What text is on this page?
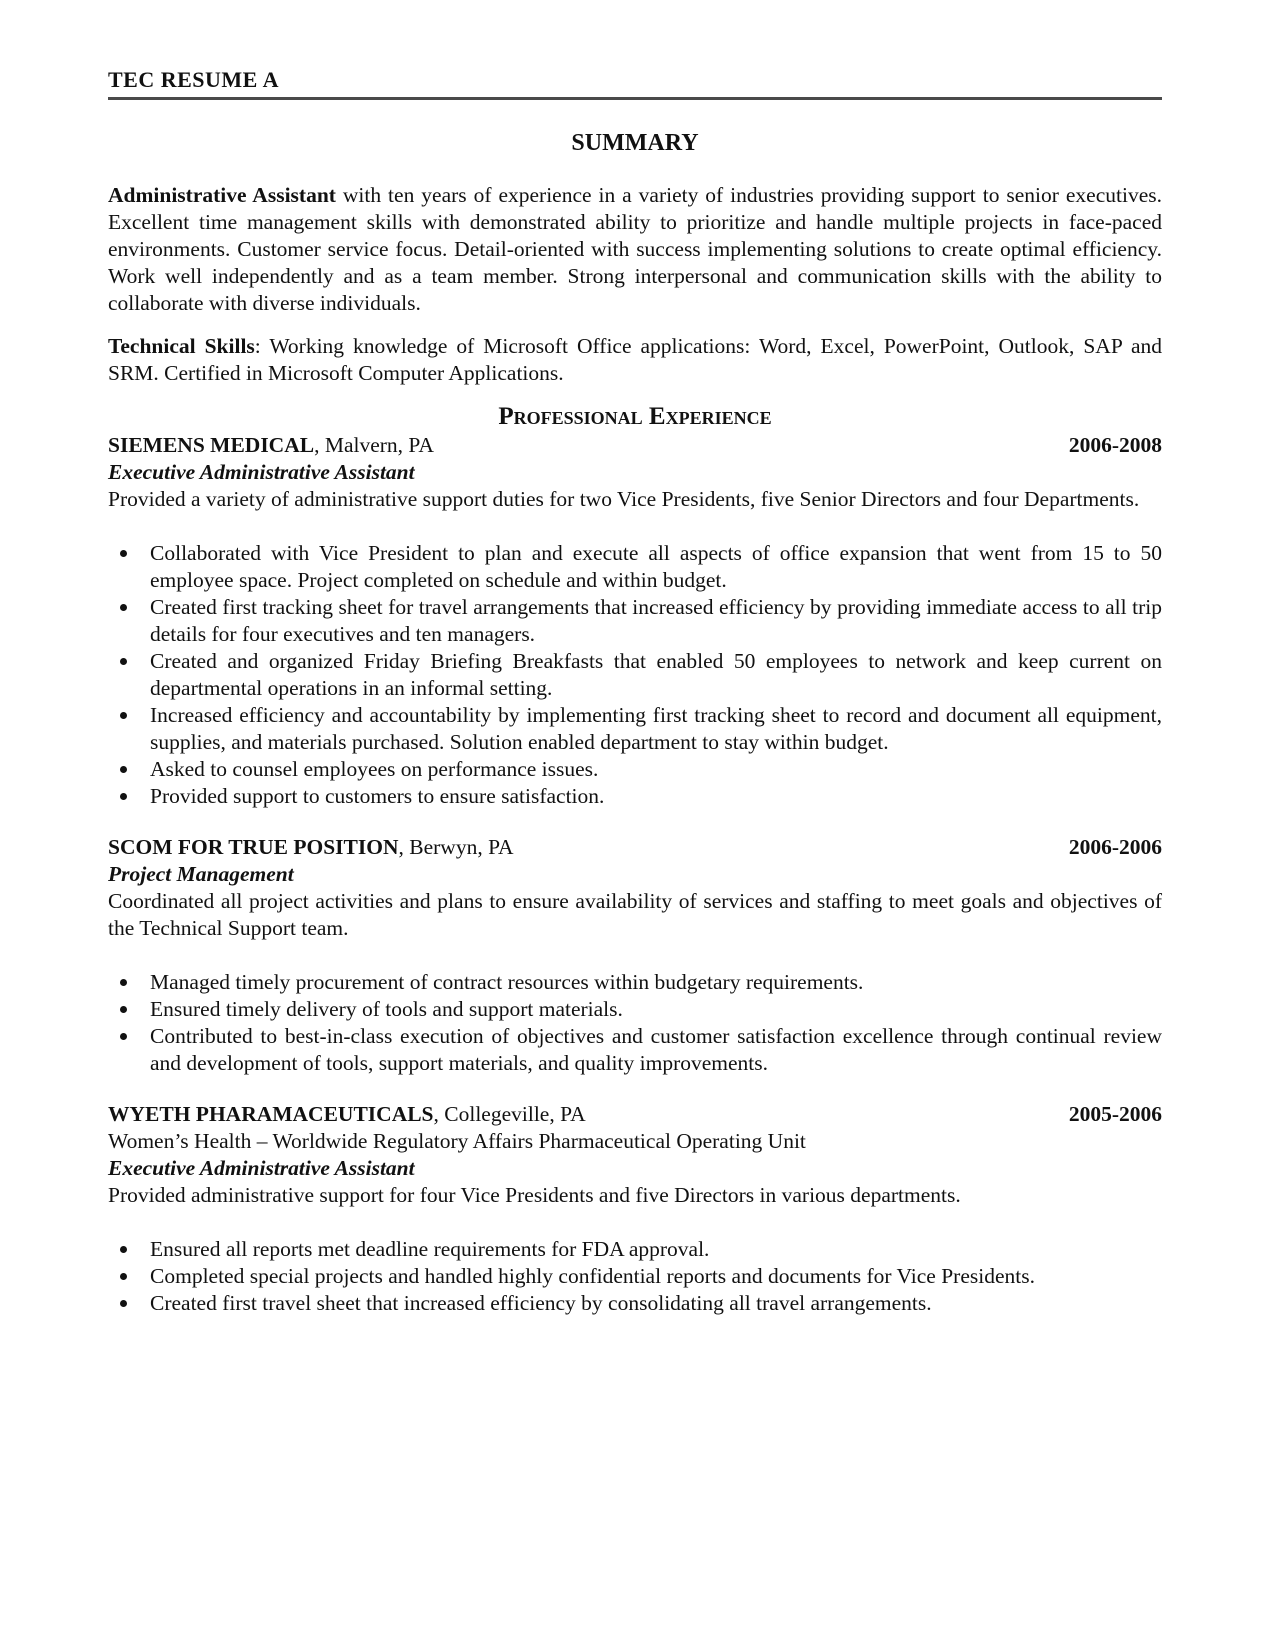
TEC RESUME A
SUMMARY

Administrative Assistant with ten years of experience in a variety of industries providing support to senior executives. Excellent time management skills with demonstrated ability to prioritize and handle multiple projects in face-paced environments. Customer service focus. Detail-oriented with success implementing solutions to create optimal efficiency. Work well independently and as a team member. Strong interpersonal and communication skills with the ability to collaborate with diverse individuals.

Technical Skills: Working knowledge of Microsoft Office applications: Word, Excel, PowerPoint, Outlook, SAP and SRM. Certified in Microsoft Computer Applications.

Professional Experience
SIEMENS MEDICAL, Malvern, PA	2006-2008
Executive Administrative Assistant

Provided a variety of administrative support duties for two Vice Presidents, five Senior Directors and four Departments.

Collaborated with Vice President to plan and execute all aspects of office expansion that went from 15 to 50 employee space. Project completed on schedule and within budget.
Created first tracking sheet for travel arrangements that increased efficiency by providing immediate access to all trip details for four executives and ten managers.
Created and organized Friday Briefing Breakfasts that enabled 50 employees to network and keep current on departmental operations in an informal setting.
Increased efficiency and accountability by implementing first tracking sheet to record and document all equipment, supplies, and materials purchased. Solution enabled department to stay within budget.
Asked to counsel employees on performance issues.
Provided support to customers to ensure satisfaction.
SCOM FOR TRUE POSITION, Berwyn, PA	2006-2006
Project Management

Coordinated all project activities and plans to ensure availability of services and staffing to meet goals and objectives of the Technical Support team.

Managed timely procurement of contract resources within budgetary requirements.
Ensured timely delivery of tools and support materials.
Contributed to best-in-class execution of objectives and customer satisfaction excellence through continual review and development of tools, support materials, and quality improvements.
WYETH PHARAMACEUTICALS, Collegeville, PA	2005-2006
Women’s Health – Worldwide Regulatory Affairs Pharmaceutical Operating Unit
Executive Administrative Assistant

Provided administrative support for four Vice Presidents and five Directors in various departments.

Ensured all reports met deadline requirements for FDA approval.
Completed special projects and handled highly confidential reports and documents for Vice Presidents.
Created first travel sheet that increased efficiency by consolidating all travel arrangements.
